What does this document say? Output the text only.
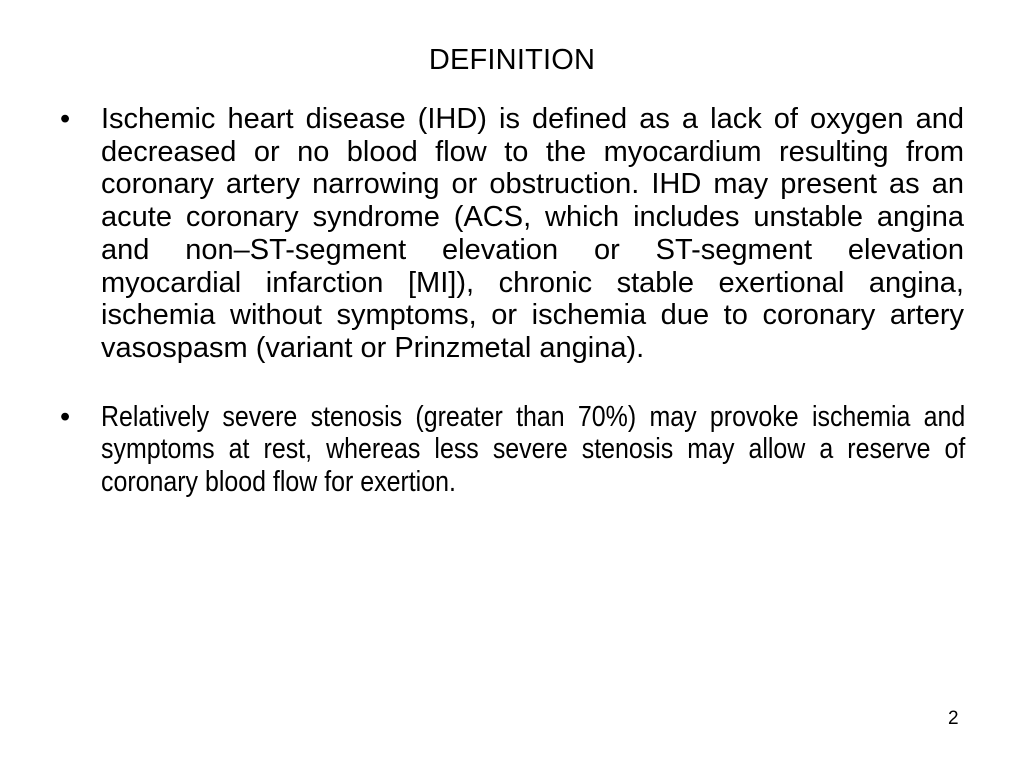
DEFINITION
• Ischemic heart disease (IHD) is defined as a lack of oxygen and decreased or no blood flow to the myocardium resulting from coronary artery narrowing or obstruction. IHD may present as an acute coronary syndrome (ACS, which includes unstable angina and non–ST-segment elevation or ST-segment elevation myocardial infarction [MI]), chronic stable exertional angina, ischemia without symptoms, or ischemia due to coronary artery vasospasm (variant or Prinzmetal angina).
• Relatively severe stenosis (greater than 70%) may provoke ischemia and symptoms at rest, whereas less severe stenosis may allow a reserve of coronary blood flow for exertion.
2
